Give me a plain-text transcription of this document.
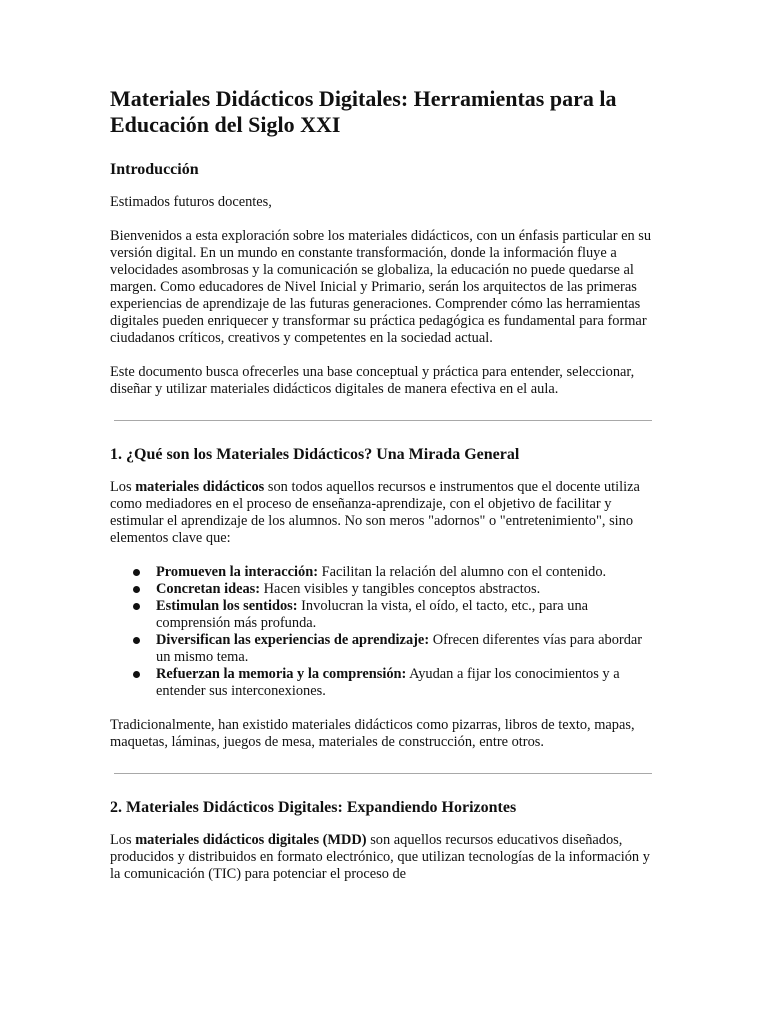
Materiales Didácticos Digitales: Herramientas para la Educación del Siglo XXI
Introducción

Estimados futuros docentes,

Bienvenidos a esta exploración sobre los materiales didácticos, con un énfasis particular en su versión digital. En un mundo en constante transformación, donde la información fluye a velocidades asombrosas y la comunicación se globaliza, la educación no puede quedarse al margen. Como educadores de Nivel Inicial y Primario, serán los arquitectos de las primeras experiencias de aprendizaje de las futuras generaciones. Comprender cómo las herramientas digitales pueden enriquecer y transformar su práctica pedagógica es fundamental para formar ciudadanos críticos, creativos y competentes en la sociedad actual.

Este documento busca ofrecerles una base conceptual y práctica para entender, seleccionar, diseñar y utilizar materiales didácticos digitales de manera efectiva en el aula.

1. ¿Qué son los Materiales Didácticos? Una Mirada General

Los materiales didácticos son todos aquellos recursos e instrumentos que el docente utiliza como mediadores en el proceso de enseñanza-aprendizaje, con el objetivo de facilitar y estimular el aprendizaje de los alumnos. No son meros "adornos" o "entretenimiento", sino elementos clave que:

Promueven la interacción: Facilitan la relación del alumno con el contenido.
Concretan ideas: Hacen visibles y tangibles conceptos abstractos.
Estimulan los sentidos: Involucran la vista, el oído, el tacto, etc., para una comprensión más profunda.
Diversifican las experiencias de aprendizaje: Ofrecen diferentes vías para abordar un mismo tema.
Refuerzan la memoria y la comprensión: Ayudan a fijar los conocimientos y a entender sus interconexiones.

Tradicionalmente, han existido materiales didácticos como pizarras, libros de texto, mapas, maquetas, láminas, juegos de mesa, materiales de construcción, entre otros.

2. Materiales Didácticos Digitales: Expandiendo Horizontes

Los materiales didácticos digitales (MDD) son aquellos recursos educativos diseñados, producidos y distribuidos en formato electrónico, que utilizan tecnologías de la información y la comunicación (TIC) para potenciar el proceso de
